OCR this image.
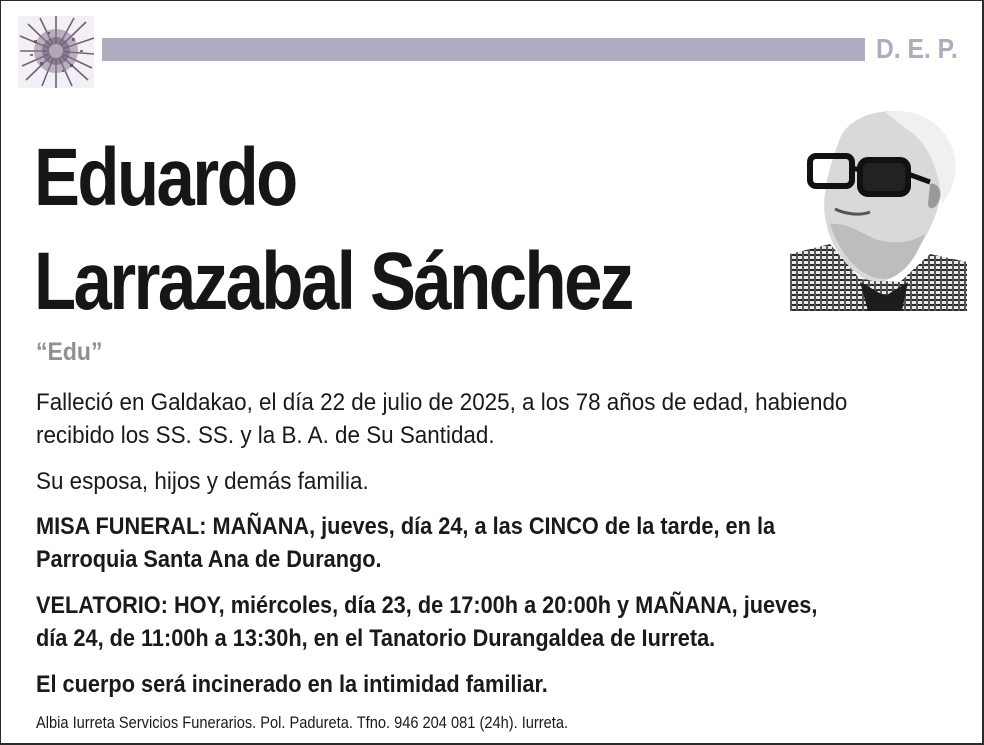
D. E. P.
Eduardo
Larrazabal Sánchez
“Edu”
Falleció en Galdakao, el día 22 de julio de 2025, a los 78 años de edad, habiendo
recibido los SS. SS. y la B. A. de Su Santidad.
Su esposa, hijos y demás familia.
MISA FUNERAL: MAÑANA, jueves, día 24, a las CINCO de la tarde, en la
Parroquia Santa Ana de Durango.
VELATORIO: HOY, miércoles, día 23, de 17:00h a 20:00h y MAÑANA, jueves,
día 24, de 11:00h a 13:30h, en el Tanatorio Durangaldea de Iurreta.
El cuerpo será incinerado en la intimidad familiar.
Albia Iurreta Servicios Funerarios. Pol. Padureta. Tfno. 946 204 081 (24h). Iurreta.
